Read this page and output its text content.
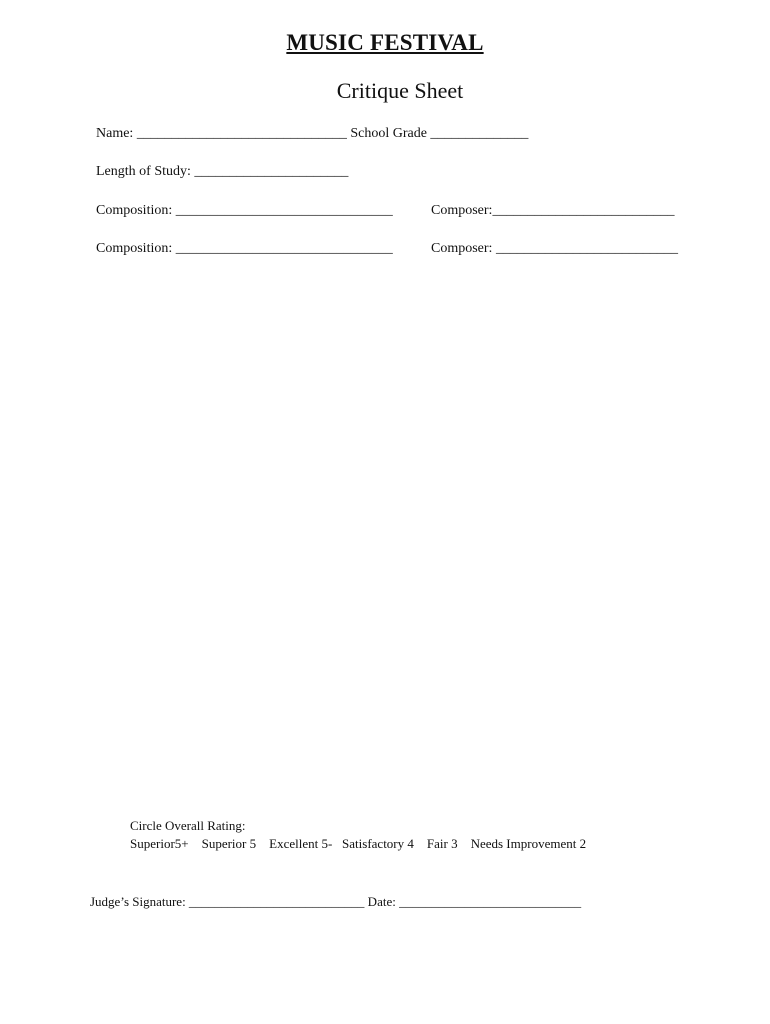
MUSIC FESTIVAL
Critique Sheet
Name: ______________________________ School Grade ______________
Length of Study: ______________________
Composition: _______________________________	Composer:__________________________
Composition: _______________________________	Composer: __________________________
Circle Overall Rating:
Superior5+    Superior 5    Excellent 5-   Satisfactory 4    Fair 3    Needs Improvement 2
Judge’s Signature: ___________________________ Date: ____________________________
